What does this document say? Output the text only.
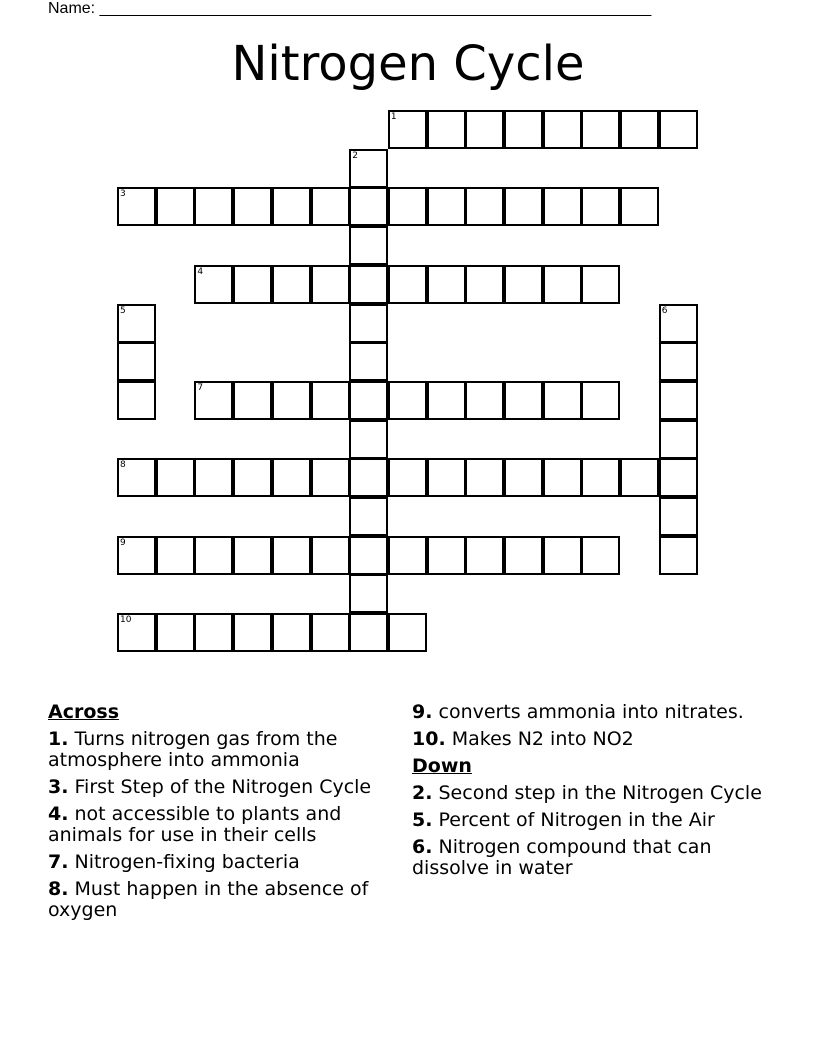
Name: ______________________________________________________________
Nitrogen Cycle
1
2
3
4
5	6
7
8
9
10
Across
1. Turns nitrogen gas from the atmosphere into ammonia
3. First Step of the Nitrogen Cycle
4. not accessible to plants and animals for use in their cells
7. Nitrogen-fixing bacteria
8. Must happen in the absence of oxygen
9. converts ammonia into nitrates.
10. Makes N2 into NO2
Down
2. Second step in the Nitrogen Cycle
5. Percent of Nitrogen in the Air
6. Nitrogen compound that can dissolve in water
